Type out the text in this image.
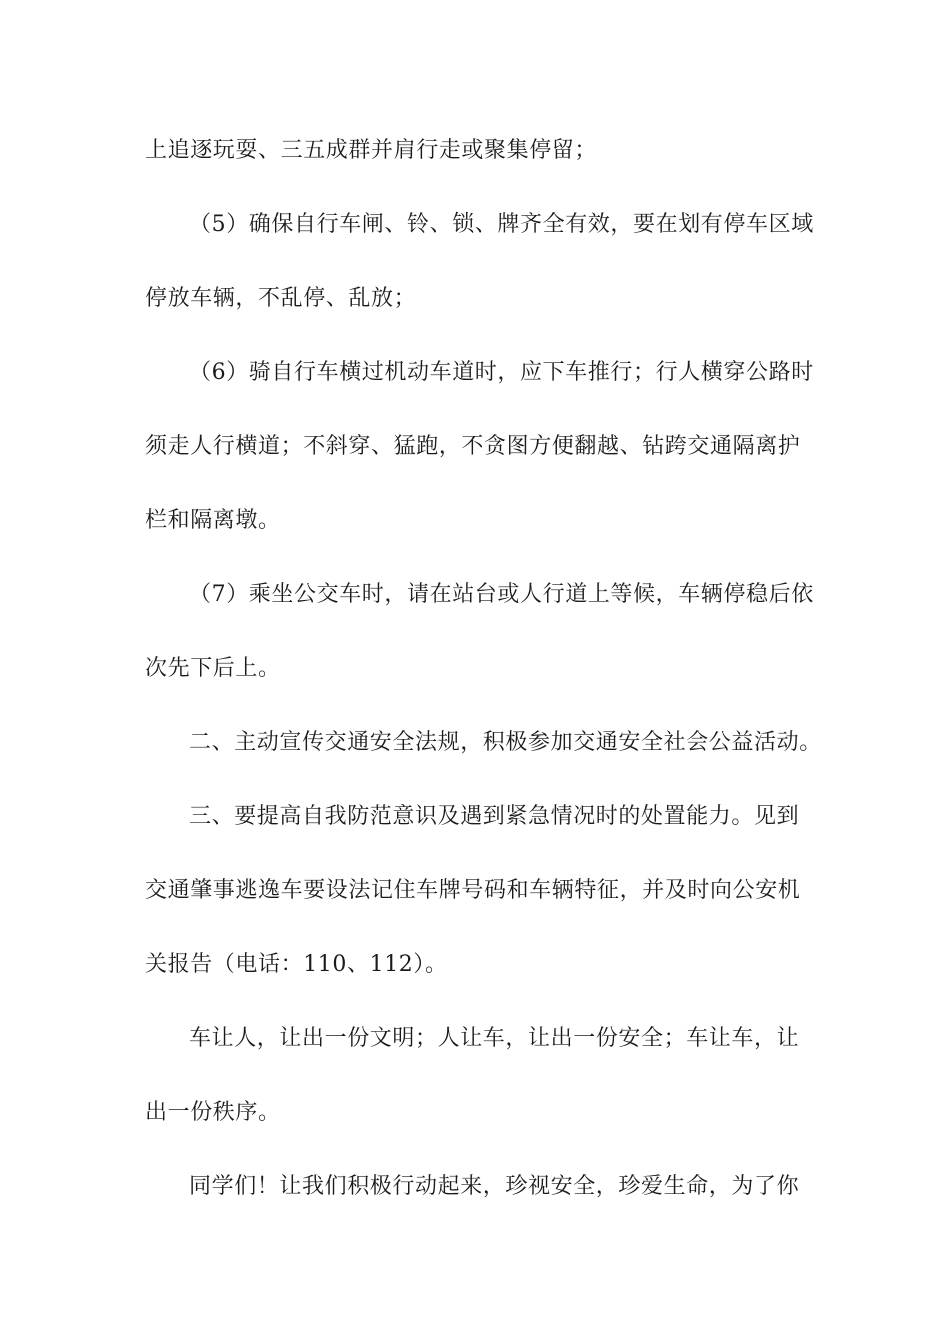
上追逐玩耍、三五成群并肩行走或聚集停留；
（5）确保自行车闸、铃、锁、牌齐全有效，要在划有停车区域
停放车辆，不乱停、乱放；
（6）骑自行车横过机动车道时，应下车推行；行人横穿公路时
须走人行横道；不斜穿、猛跑，不贪图方便翻越、钻跨交通隔离护
栏和隔离墩。
（7）乘坐公交车时，请在站台或人行道上等候，车辆停稳后依
次先下后上。
二、主动宣传交通安全法规，积极参加交通安全社会公益活动。
三、要提高自我防范意识及遇到紧急情况时的处置能力。见到
交通肇事逃逸车要设法记住车牌号码和车辆特征，并及时向公安机
关报告（电话：110、112）。
车让人，让出一份文明；人让车，让出一份安全；车让车，让
出一份秩序。
同学们！让我们积极行动起来，珍视安全，珍爱生命，为了你
